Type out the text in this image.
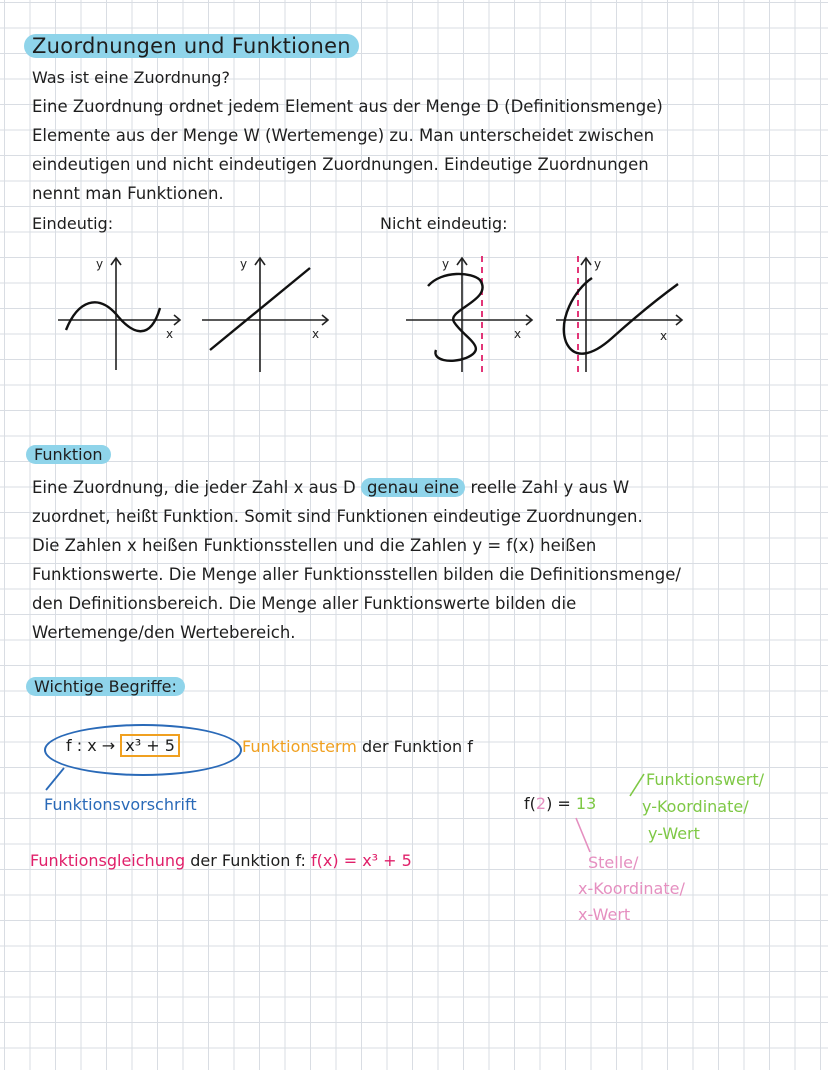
Zuordnungen und Funktionen
Was ist eine Zuordnung?
Eine Zuordnung ordnet jedem Element aus der Menge D (Definitionsmenge)
Elemente aus der Menge W (Wertemenge) zu. Man unterscheidet zwischen
eindeutigen und nicht eindeutigen Zuordnungen. Eindeutige Zuordnungen
nennt man Funktionen.
Eindeutig:	Nicht eindeutig:
y
x
y
x
y
x
y
x
Funktion
Eine Zuordnung, die jeder Zahl x aus D genau eine reelle Zahl y aus W
zuordnet, heißt Funktion. Somit sind Funktionen eindeutige Zuordnungen.
Die Zahlen x heißen Funktionsstellen und die Zahlen y = f(x) heißen
Funktionswerte. Die Menge aller Funktionsstellen bilden die Definitionsmenge/
den Definitionsbereich. Die Menge aller Funktionswerte bilden die
Wertemenge/den Wertebereich.
Wichtige Begriffe:
f : x → x³ + 5	Funktionsterm der Funktion f
Funktionsvorschrift
Funktionsgleichung der Funktion f: f(x) = x³ + 5
f(2) = 13
Funktionswert/
y-Koordinate/
y-Wert
Stelle/
x-Koordinate/
x-Wert
